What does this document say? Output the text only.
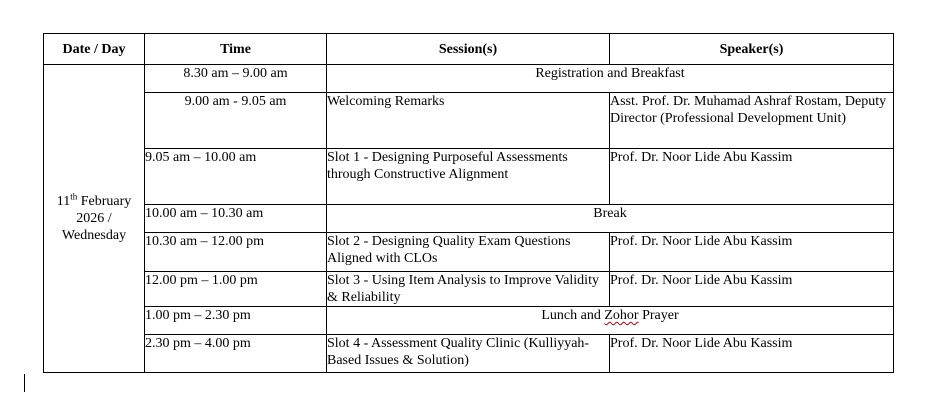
Date / Day	Time	Session(s)	Speaker(s)

11th February
2026 /
Wednesday	8.30 am – 9.00 am	Registration and Breakfast	
	9.00 am - 9.05 am	Welcoming Remarks	Asst. Prof. Dr. Muhamad Ashraf Rostam, Deputy Director (Professional Development Unit)
	9.05 am – 10.00 am	Slot 1 - Designing Purposeful Assessments through Constructive Alignment	Prof. Dr. Noor Lide Abu Kassim
	10.00 am – 10.30 am	Break	
	10.30 am – 12.00 pm	Slot 2 - Designing Quality Exam Questions Aligned with CLOs	Prof. Dr. Noor Lide Abu Kassim
	12.00 pm – 1.00 pm	Slot 3 - Using Item Analysis to Improve Validity & Reliability	Prof. Dr. Noor Lide Abu Kassim
	1.00 pm – 2.30 pm	Lunch and Zohor Prayer	
	2.30 pm – 4.00 pm	Slot 4 - Assessment Quality Clinic (Kulliyyah-Based Issues & Solution)	Prof. Dr. Noor Lide Abu Kassim
